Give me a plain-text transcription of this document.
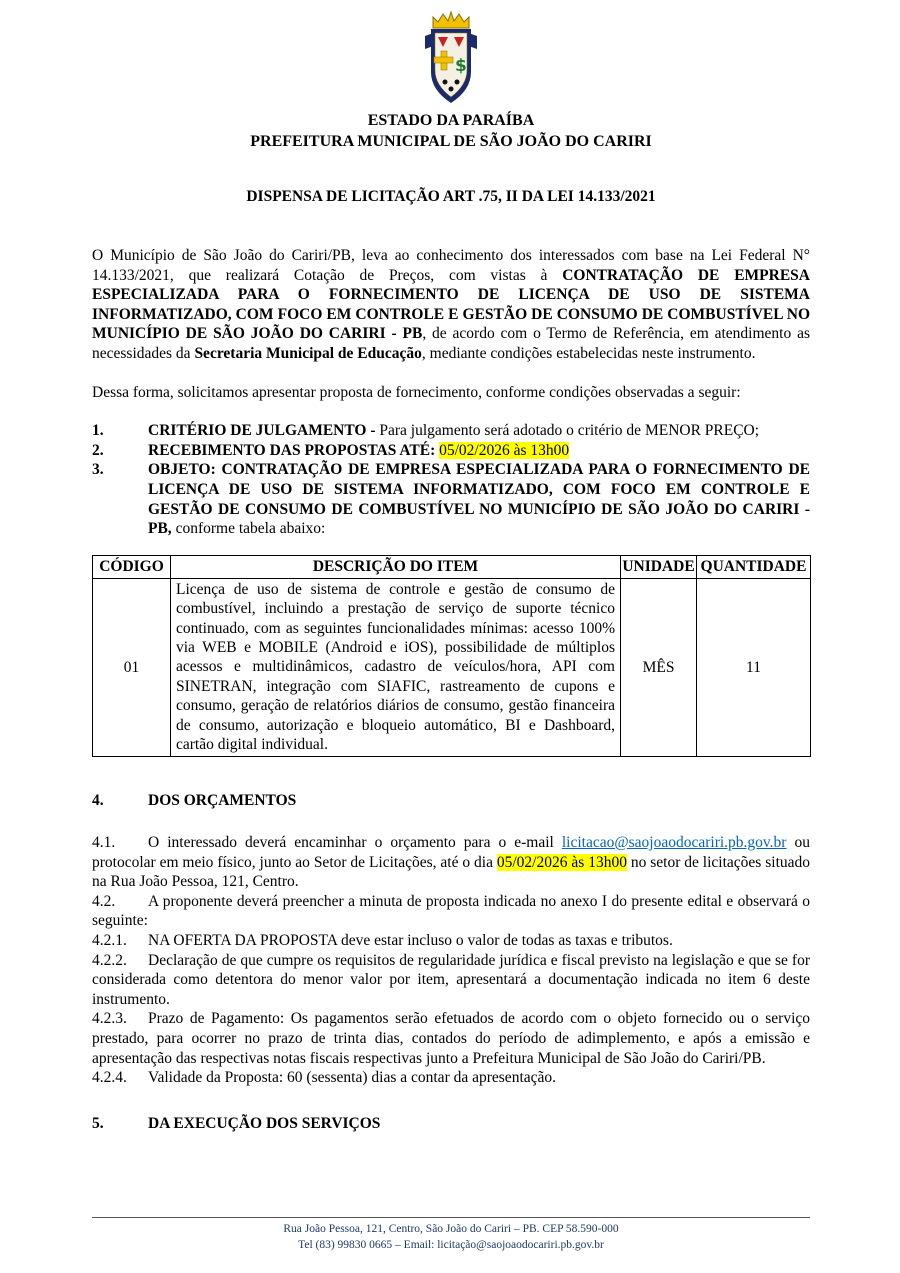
$
ESTADO DA PARAÍBA
PREFEITURA MUNICIPAL DE SÃO JOÃO DO CARIRI
DISPENSA DE LICITAÇÃO ART .75, II DA LEI 14.133/2021

O Município de São João do Cariri/PB, leva ao conhecimento dos interessados com base na Lei Federal N° 14.133/2021, que realizará Cotação de Preços, com vistas à CONTRATAÇÃO DE EMPRESA ESPECIALIZADA PARA O FORNECIMENTO DE LICENÇA DE USO DE SISTEMA INFORMATIZADO, COM FOCO EM CONTROLE E GESTÃO DE CONSUMO DE COMBUSTÍVEL NO MUNICÍPIO DE SÃO JOÃO DO CARIRI - PB, de acordo com o Termo de Referência, em atendimento as necessidades da Secretaria Municipal de Educação, mediante condições estabelecidas neste instrumento.

Dessa forma, solicitamos apresentar proposta de fornecimento, conforme condições observadas a seguir:

1.	CRITÉRIO DE JULGAMENTO - Para julgamento será adotado o critério de MENOR PREÇO;
2.	RECEBIMENTO DAS PROPOSTAS ATÉ: 05/02/2026 às 13h00
3.	OBJETO: CONTRATAÇÃO DE EMPRESA ESPECIALIZADA PARA O FORNECIMENTO DE LICENÇA DE USO DE SISTEMA INFORMATIZADO, COM FOCO EM CONTROLE E GESTÃO DE CONSUMO DE COMBUSTÍVEL NO MUNICÍPIO DE SÃO JOÃO DO CARIRI - PB, conforme tabela abaixo:
CÓDIGO	DESCRIÇÃO DO ITEM	UNIDADE	QUANTIDADE
01	Licença de uso de sistema de controle e gestão de consumo de combustível, incluindo a prestação de serviço de suporte técnico continuado, com as seguintes funcionalidades mínimas: acesso 100% via WEB e MOBILE (Android e iOS), possibilidade de múltiplos acessos e multidinâmicos, cadastro de veículos/hora, API com SINETRAN, integração com SIAFIC, rastreamento de cupons e consumo, geração de relatórios diários de consumo, gestão financeira de consumo, autorização e bloqueio automático, BI e Dashboard, cartão digital individual.	MÊS	11
4.	DOS ORÇAMENTOS

4.1. O interessado deverá encaminhar o orçamento para o e-mail licitacao@saojoaodocariri.pb.gov.br ou protocolar em meio físico, junto ao Setor de Licitações, até o dia 05/02/2026 às 13h00 no setor de licitações situado na Rua João Pessoa, 121, Centro.

4.2. A proponente deverá preencher a minuta de proposta indicada no anexo I do presente edital e observará o seguinte:

4.2.1. NA OFERTA DA PROPOSTA deve estar incluso o valor de todas as taxas e tributos.

4.2.2. Declaração de que cumpre os requisitos de regularidade jurídica e fiscal previsto na legislação e que se for considerada como detentora do menor valor por item, apresentará a documentação indicada no item 6 deste instrumento.

4.2.3. Prazo de Pagamento: Os pagamentos serão efetuados de acordo com o objeto fornecido ou o serviço prestado, para ocorrer no prazo de trinta dias, contados do período de adimplemento, e após a emissão e apresentação das respectivas notas fiscais respectivas junto a Prefeitura Municipal de São João do Cariri/PB.

4.2.4. Validade da Proposta: 60 (sessenta) dias a contar da apresentação.

5.	DA EXECUÇÃO DOS SERVIÇOS
Rua João Pessoa, 121, Centro, São João do Cariri – PB. CEP 58.590-000
Tel (83) 99830 0665 – Email: licitação@saojoaodocariri.pb.gov.br
